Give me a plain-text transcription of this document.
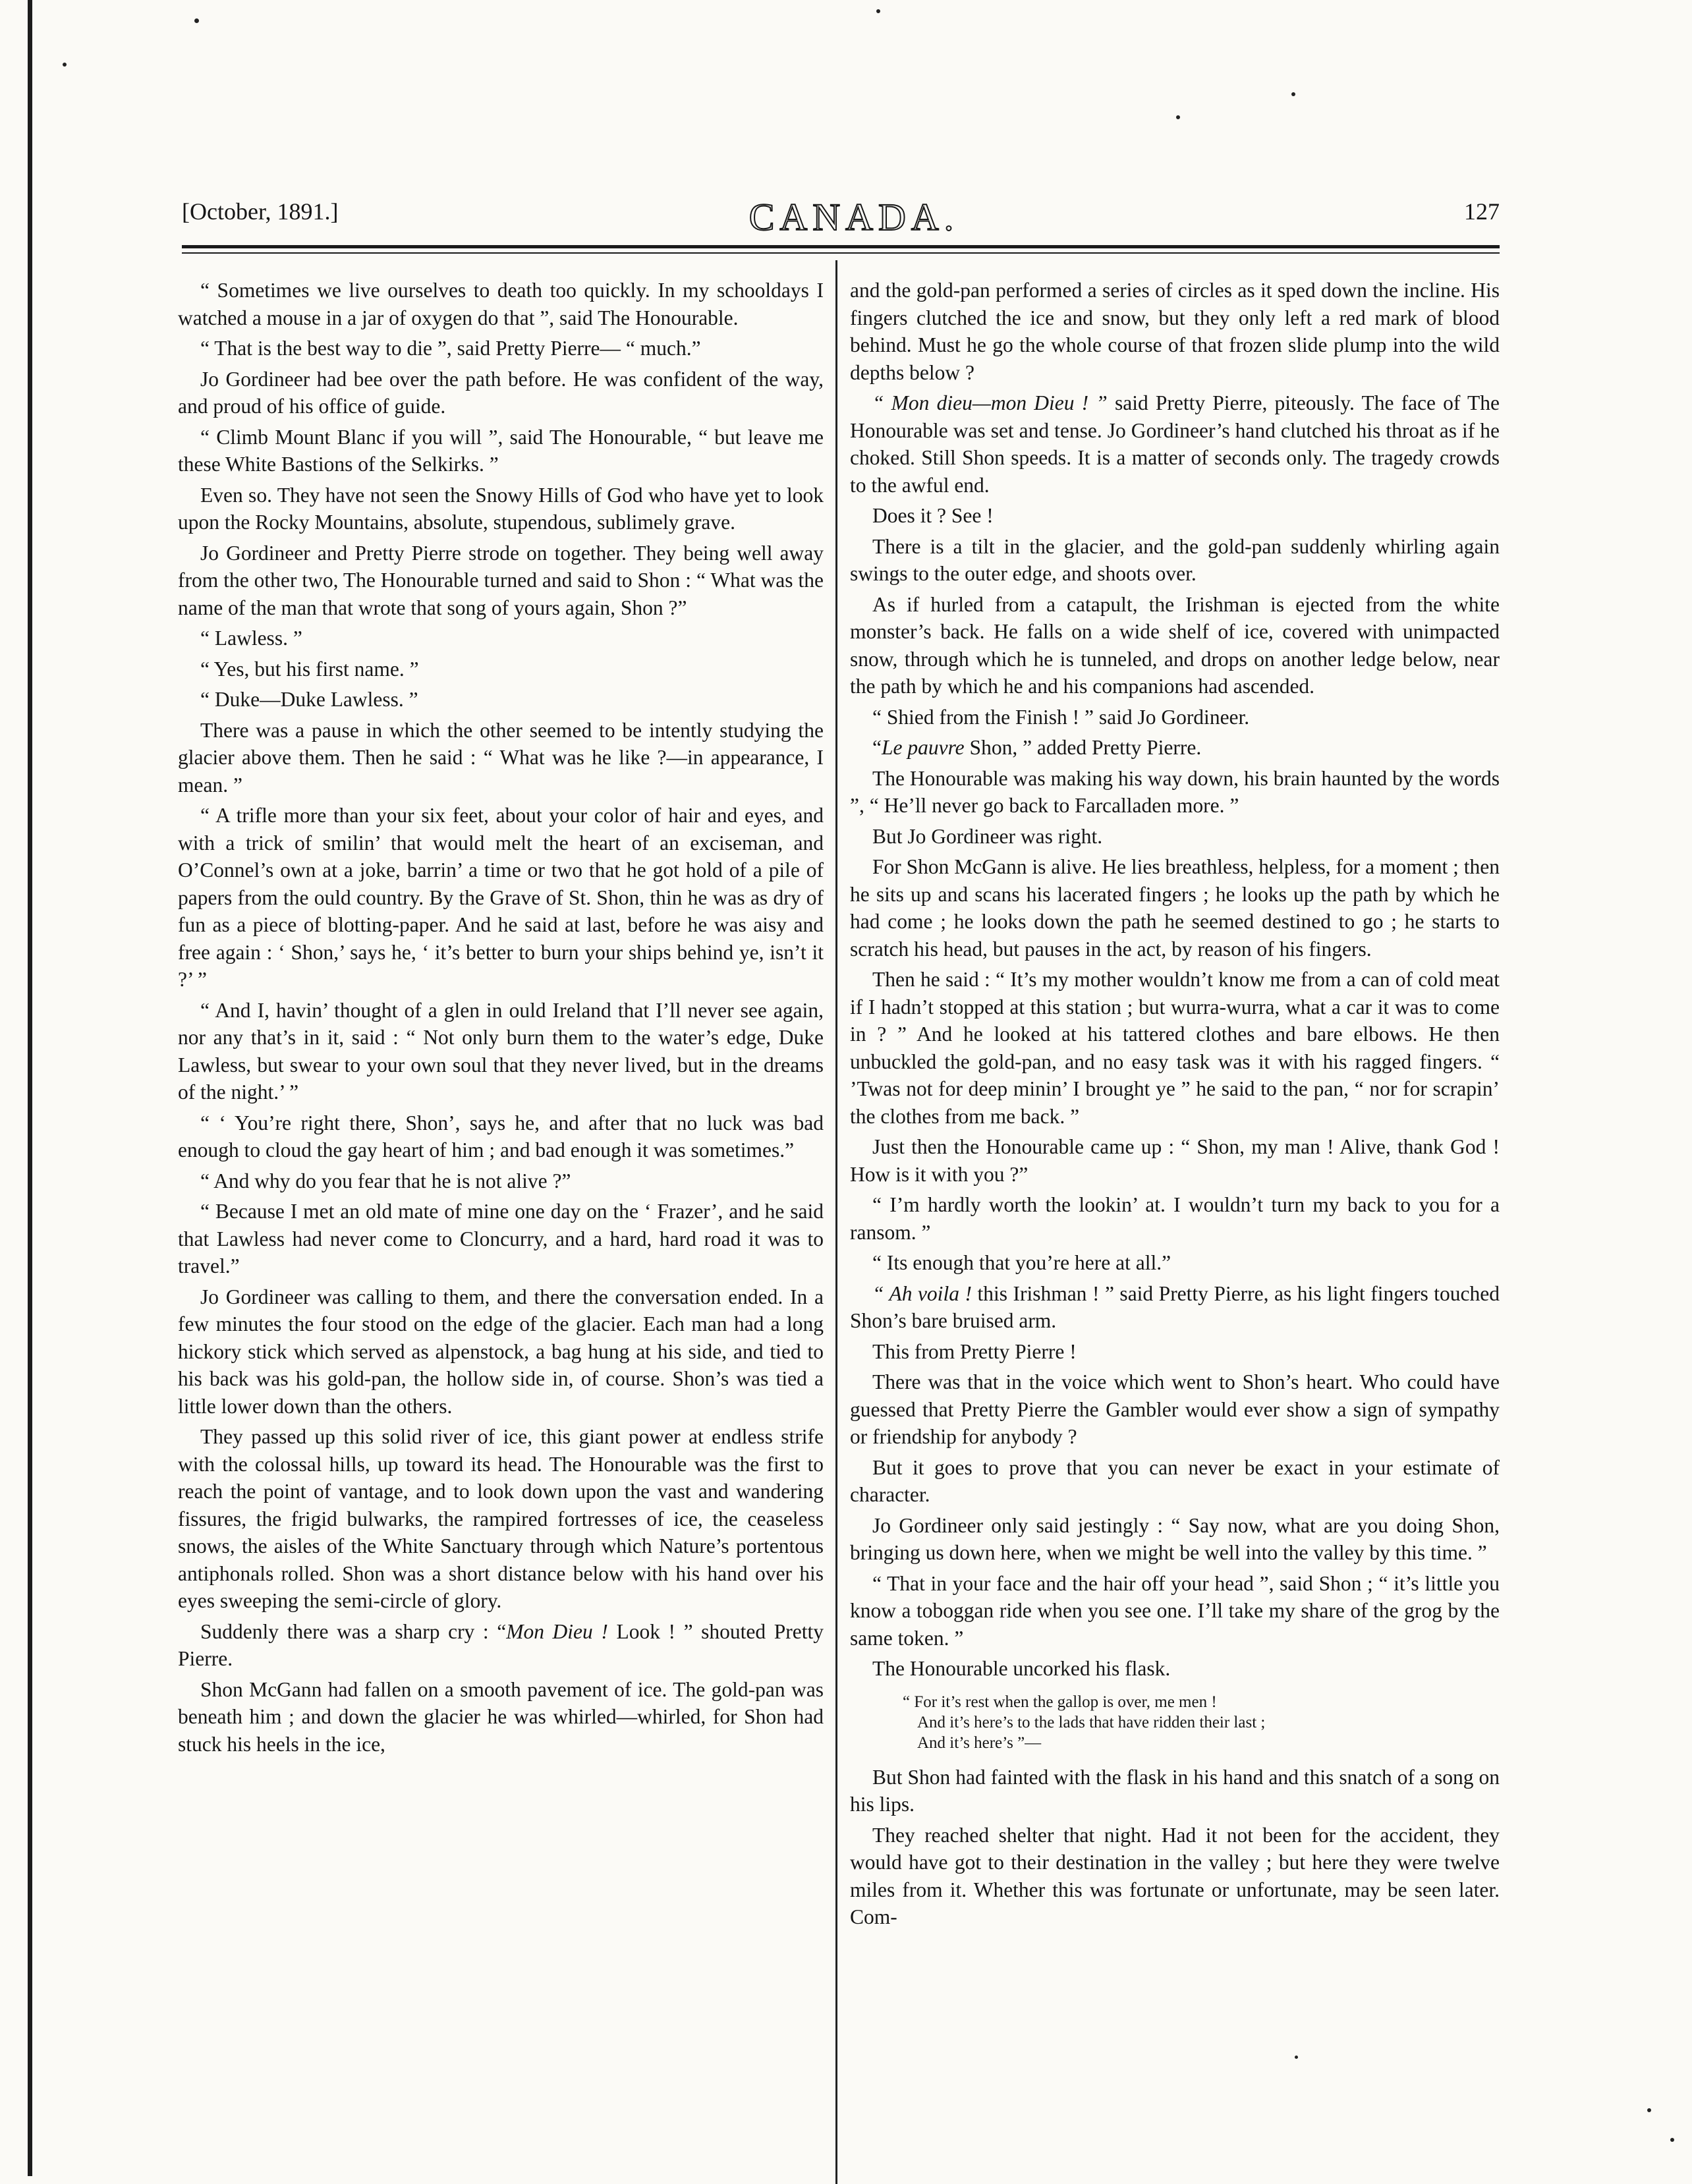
[October, 1891.]	CANADA.	127

“ Sometimes we live ourselves to death too quickly. In my schooldays I watched a mouse in a jar of oxygen do that ”, said The Honourable.

“ That is the best way to die ”, said Pretty Pierre— “ much.”

Jo Gordineer had bee over the path before. He was confident of the way, and proud of his office of guide.

“ Climb Mount Blanc if you will ”, said The Honourable, “ but leave me these White Bastions of the Selkirks. ”

Even so. They have not seen the Snowy Hills of God who have yet to look upon the Rocky Mountains, absolute, stupendous, sublimely grave.

Jo Gordineer and Pretty Pierre strode on together. They being well away from the other two, The Honourable turned and said to Shon : “ What was the name of the man that wrote that song of yours again, Shon ?”

“ Lawless. ”

“ Yes, but his first name. ”

“ Duke—Duke Lawless. ”

There was a pause in which the other seemed to be intently studying the glacier above them. Then he said : “ What was he like ?—in appearance, I mean. ”

“ A trifle more than your six feet, about your color of hair and eyes, and with a trick of smilin’ that would melt the heart of an exciseman, and O’Connel’s own at a joke, barrin’ a time or two that he got hold of a pile of papers from the ould country. By the Grave of St. Shon, thin he was as dry of fun as a piece of blotting-paper. And he said at last, before he was aisy and free again : ‘ Shon,’ says he, ‘ it’s better to burn your ships behind ye, isn’t it ?’ ”

“ And I, havin’ thought of a glen in ould Ireland that I’ll never see again, nor any that’s in it, said : “ Not only burn them to the water’s edge, Duke Lawless, but swear to your own soul that they never lived, but in the dreams of the night.’ ”

“ ‘ You’re right there, Shon’, says he, and after that no luck was bad enough to cloud the gay heart of him ; and bad enough it was sometimes.”

“ And why do you fear that he is not alive ?”

“ Because I met an old mate of mine one day on the ‘ Frazer’, and he said that Lawless had never come to Cloncurry, and a hard, hard road it was to travel.”

Jo Gordineer was calling to them, and there the conversation ended. In a few minutes the four stood on the edge of the glacier. Each man had a long hickory stick which served as alpenstock, a bag hung at his side, and tied to his back was his gold-pan, the hollow side in, of course. Shon’s was tied a little lower down than the others.

They passed up this solid river of ice, this giant power at endless strife with the colossal hills, up toward its head. The Honourable was the first to reach the point of vantage, and to look down upon the vast and wandering fissures, the frigid bulwarks, the rampired fortresses of ice, the ceaseless snows, the aisles of the White Sanctuary through which Nature’s portentous antiphonals rolled. Shon was a short distance below with his hand over his eyes sweeping the semi-circle of glory.

Suddenly there was a sharp cry : “Mon Dieu ! Look ! ” shouted Pretty Pierre.

Shon McGann had fallen on a smooth pavement of ice. The gold-pan was beneath him ; and down the glacier he was whirled—whirled, for Shon had stuck his heels in the ice,

and the gold-pan performed a series of circles as it sped down the incline. His fingers clutched the ice and snow, but they only left a red mark of blood behind. Must he go the whole course of that frozen slide plump into the wild depths below ?

“ Mon dieu—mon Dieu ! ” said Pretty Pierre, piteously. The face of The Honourable was set and tense. Jo Gordineer’s hand clutched his throat as if he choked. Still Shon speeds. It is a matter of seconds only. The tragedy crowds to the awful end.

Does it ? See !

There is a tilt in the glacier, and the gold-pan suddenly whirling again swings to the outer edge, and shoots over.

As if hurled from a catapult, the Irishman is ejected from the white monster’s back. He falls on a wide shelf of ice, covered with unimpacted snow, through which he is tunneled, and drops on another ledge below, near the path by which he and his companions had ascended.

“ Shied from the Finish ! ” said Jo Gordineer.

“Le pauvre Shon, ” added Pretty Pierre.

The Honourable was making his way down, his brain haunted by the words ”, “ He’ll never go back to Farcalladen more. ”

But Jo Gordineer was right.

For Shon McGann is alive. He lies breathless, helpless, for a moment ; then he sits up and scans his lacerated fingers ; he looks up the path by which he had come ; he looks down the path he seemed destined to go ; he starts to scratch his head, but pauses in the act, by reason of his fingers.

Then he said : “ It’s my mother wouldn’t know me from a can of cold meat if I hadn’t stopped at this station ; but wurra-wurra, what a car it was to come in ? ” And he looked at his tattered clothes and bare elbows. He then unbuckled the gold-pan, and no easy task was it with his ragged fingers. “ ’Twas not for deep minin’ I brought ye ” he said to the pan, “ nor for scrapin’ the clothes from me back. ”

Just then the Honourable came up : “ Shon, my man ! Alive, thank God ! How is it with you ?”

“ I’m hardly worth the lookin’ at. I wouldn’t turn my back to you for a ransom. ”

“ Its enough that you’re here at all.”

“ Ah voila ! this Irishman ! ” said Pretty Pierre, as his light fingers touched Shon’s bare bruised arm.

This from Pretty Pierre !

There was that in the voice which went to Shon’s heart. Who could have guessed that Pretty Pierre the Gambler would ever show a sign of sympathy or friendship for anybody ?

But it goes to prove that you can never be exact in your estimate of character.

Jo Gordineer only said jestingly : “ Say now, what are you doing Shon, bringing us down here, when we might be well into the valley by this time. ”

“ That in your face and the hair off your head ”, said Shon ; “ it’s little you know a toboggan ride when you see one. I’ll take my share of the grog by the same token. ”

The Honourable uncorked his flask.

“ For it’s rest when the gallop is over, me men !
And it’s here’s to the lads that have ridden their last ;
And it’s here’s ”—

But Shon had fainted with the flask in his hand and this snatch of a song on his lips.

They reached shelter that night. Had it not been for the accident, they would have got to their destination in the valley ; but here they were twelve miles from it. Whether this was fortunate or unfortunate, may be seen later. Com-
